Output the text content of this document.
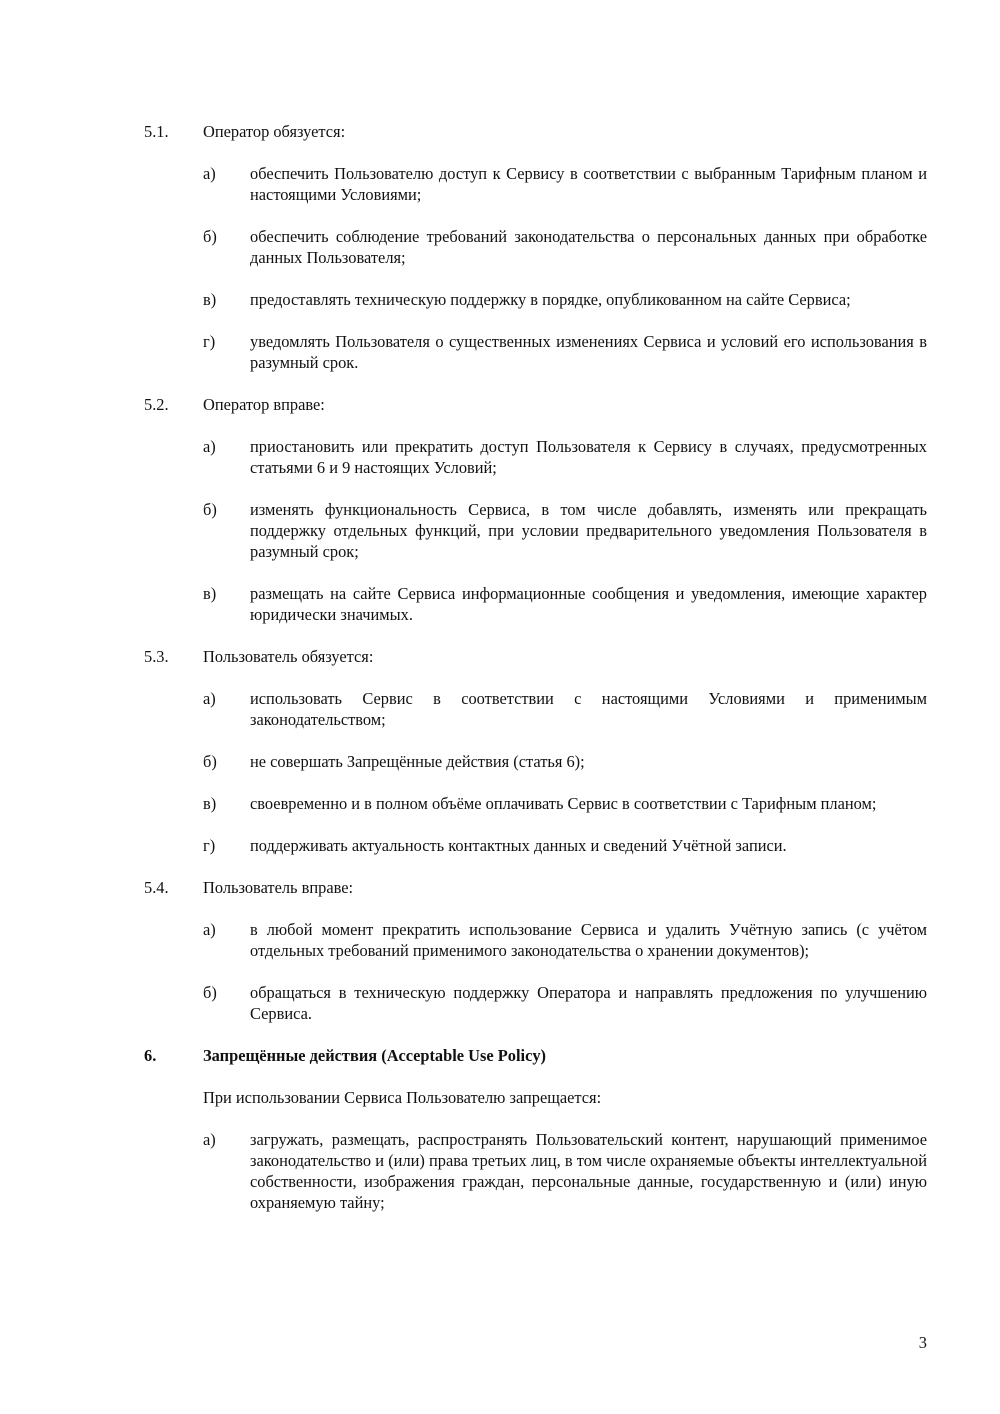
5.1. Оператор обязуется:
а) обеспечить Пользователю доступ к Сервису в соответствии с выбранным Тарифным планом и настоящими Условиями;
б) обеспечить соблюдение требований законодательства о персональных данных при обработке данных Пользователя;
в) предоставлять техническую поддержку в порядке, опубликованном на сайте Сервиса;
г) уведомлять Пользователя о существенных изменениях Сервиса и условий его использования в разумный срок.
5.2. Оператор вправе:
а) приостановить или прекратить доступ Пользователя к Сервису в случаях, предусмотренных статьями 6 и 9 настоящих Условий;
б) изменять функциональность Сервиса, в том числе добавлять, изменять или прекращать поддержку отдельных функций, при условии предварительного уведомления Пользователя в разумный срок;
в) размещать на сайте Сервиса информационные сообщения и уведомления, имеющие характер юридически значимых.
5.3. Пользователь обязуется:
а) использовать Сервис в соответствии с настоящими Условиями и применимым законодательством;
б) не совершать Запрещённые действия (статья 6);
в) своевременно и в полном объёме оплачивать Сервис в соответствии с Тарифным планом;
г) поддерживать актуальность контактных данных и сведений Учётной записи.
5.4. Пользователь вправе:
а) в любой момент прекратить использование Сервиса и удалить Учётную запись (с учётом отдельных требований применимого законодательства о хранении документов);
б) обращаться в техническую поддержку Оператора и направлять предложения по улучшению Сервиса.
6.	Запрещённые действия (Acceptable Use Policy)
При использовании Сервиса Пользователю запрещается:
а) загружать, размещать, распространять Пользовательский контент, нарушающий применимое законодательство и (или) права третьих лиц, в том числе охраняемые объекты интеллектуальной собственности, изображения граждан, персональные данные, государственную и (или) иную охраняемую тайну;
3
